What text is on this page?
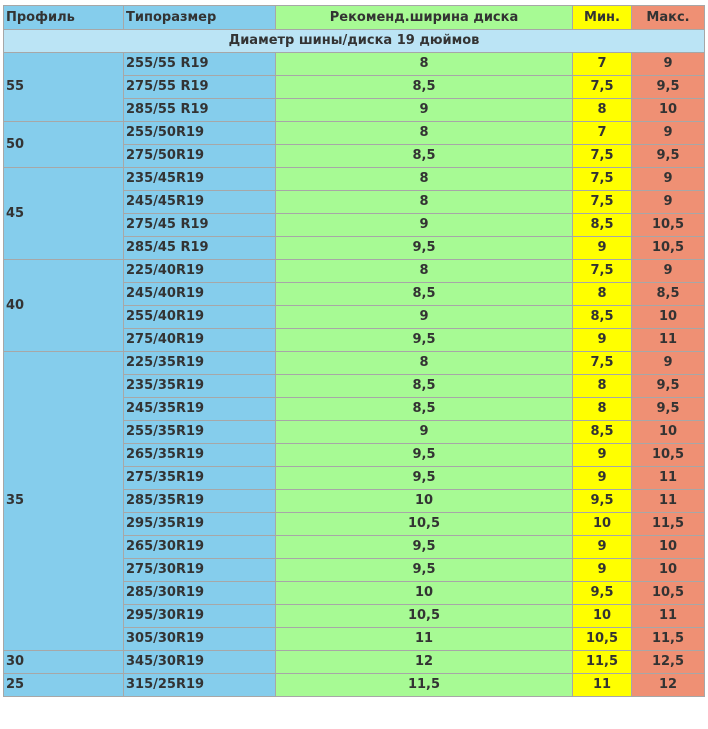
Профиль	Типоразмер	Рекоменд.ширина диска	Мин.	Макс.
Диаметр шины/диска 19 дюймов				
55	255/55 R19	8	7	9
	275/55 R19	8,5	7,5	9,5
	285/55 R19	9	8	10
50	255/50R19	8	7	9
	275/50R19	8,5	7,5	9,5
45	235/45R19	8	7,5	9
	245/45R19	8	7,5	9
	275/45 R19	9	8,5	10,5
	285/45 R19	9,5	9	10,5
40	225/40R19	8	7,5	9
	245/40R19	8,5	8	8,5
	255/40R19	9	8,5	10
	275/40R19	9,5	9	11
35	225/35R19	8	7,5	9
	235/35R19	8,5	8	9,5
	245/35R19	8,5	8	9,5
	255/35R19	9	8,5	10
	265/35R19	9,5	9	10,5
	275/35R19	9,5	9	11
	285/35R19	10	9,5	11
	295/35R19	10,5	10	11,5
	265/30R19	9,5	9	10
	275/30R19	9,5	9	10
	285/30R19	10	9,5	10,5
	295/30R19	10,5	10	11
	305/30R19	11	10,5	11,5
30	345/30R19	12	11,5	12,5
25	315/25R19	11,5	11	12
